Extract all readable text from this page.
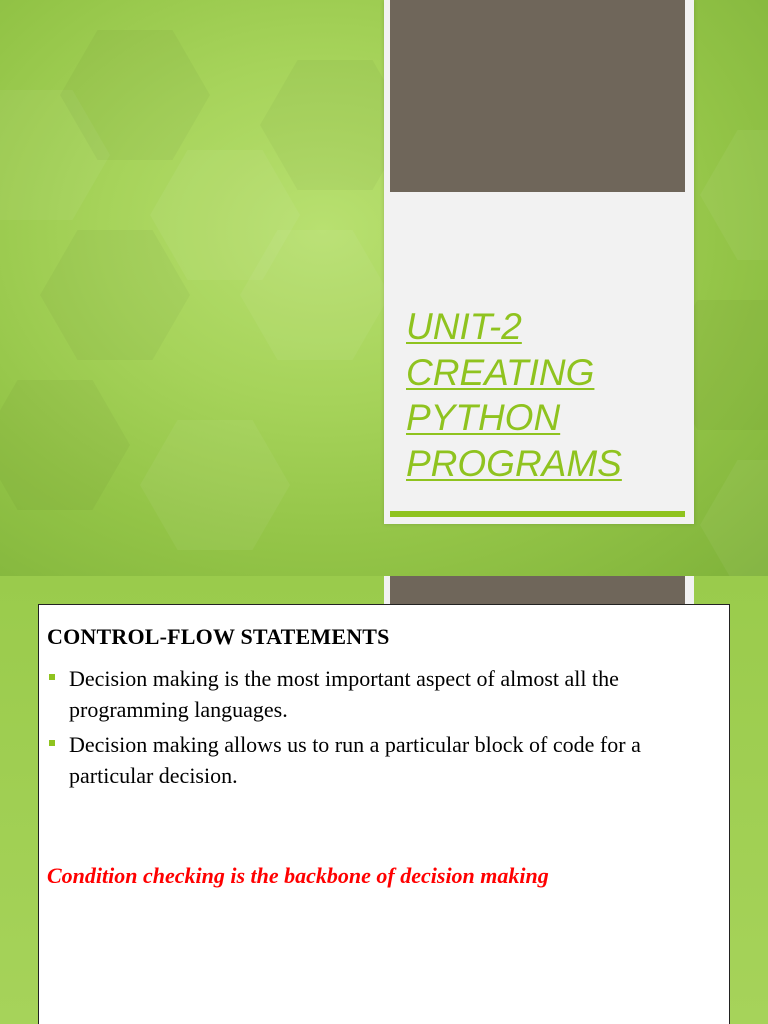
UNIT-2
CREATING
PYTHON
PROGRAMS
CONTROL-FLOW STATEMENTS
Decision making is the most important aspect of almost all the programming languages.
Decision making allows us to run a particular block of code for a particular decision.

Condition checking is the backbone of decision making
